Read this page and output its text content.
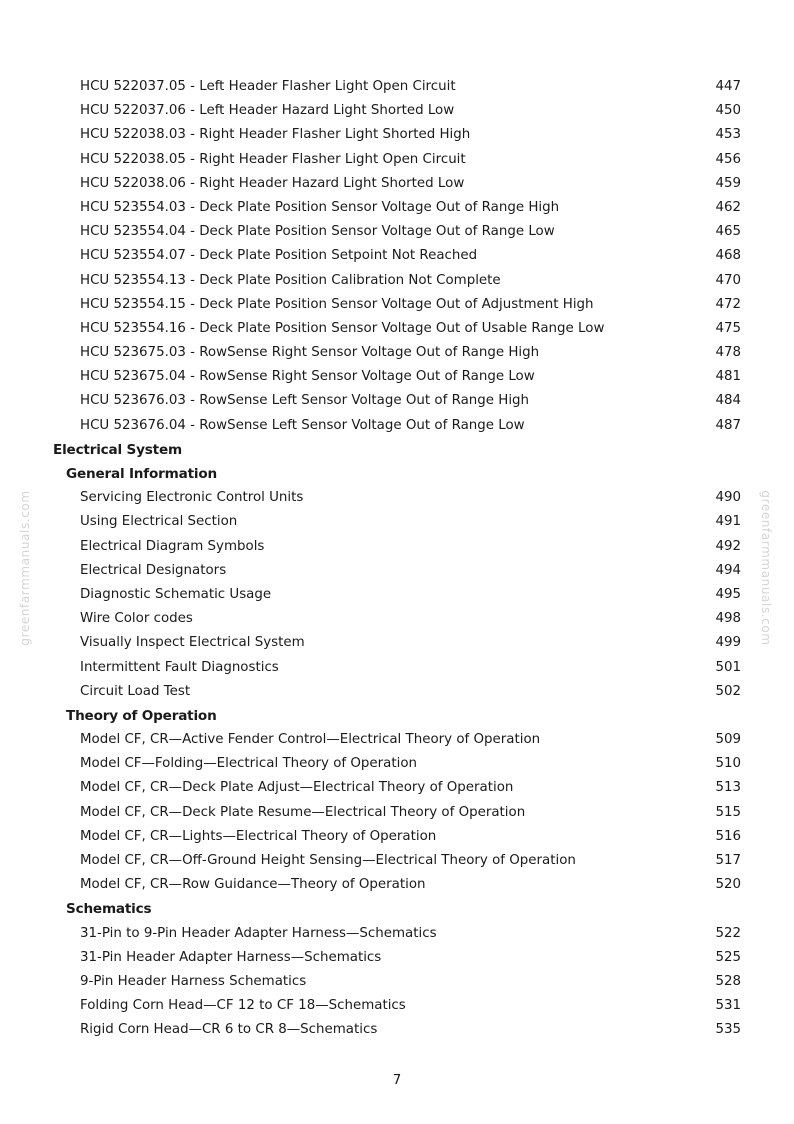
HCU 522037.05 - Left Header Flasher Light Open Circuit	447
HCU 522037.06 - Left Header Hazard Light Shorted Low	450
HCU 522038.03 - Right Header Flasher Light Shorted High	453
HCU 522038.05 - Right Header Flasher Light Open Circuit	456
HCU 522038.06 - Right Header Hazard Light Shorted Low	459
HCU 523554.03 - Deck Plate Position Sensor Voltage Out of Range High	462
HCU 523554.04 - Deck Plate Position Sensor Voltage Out of Range Low	465
HCU 523554.07 - Deck Plate Position Setpoint Not Reached	468
HCU 523554.13 - Deck Plate Position Calibration Not Complete	470
HCU 523554.15 - Deck Plate Position Sensor Voltage Out of Adjustment High	472
HCU 523554.16 - Deck Plate Position Sensor Voltage Out of Usable Range Low	475
HCU 523675.03 - RowSense Right Sensor Voltage Out of Range High	478
HCU 523675.04 - RowSense Right Sensor Voltage Out of Range Low	481
HCU 523676.03 - RowSense Left Sensor Voltage Out of Range High	484
HCU 523676.04 - RowSense Left Sensor Voltage Out of Range Low	487
Electrical System
General Information
Servicing Electronic Control Units	490
Using Electrical Section	491
Electrical Diagram Symbols	492
Electrical Designators	494
Diagnostic Schematic Usage	495
Wire Color codes	498
Visually Inspect Electrical System	499
Intermittent Fault Diagnostics	501
Circuit Load Test	502
Theory of Operation
Model CF, CR—Active Fender Control—Electrical Theory of Operation	509
Model CF—Folding—Electrical Theory of Operation	510
Model CF, CR—Deck Plate Adjust—Electrical Theory of Operation	513
Model CF, CR—Deck Plate Resume—Electrical Theory of Operation	515
Model CF, CR—Lights—Electrical Theory of Operation	516
Model CF, CR—Off-Ground Height Sensing—Electrical Theory of Operation	517
Model CF, CR—Row Guidance—Theory of Operation	520
Schematics
31-Pin to 9-Pin Header Adapter Harness—Schematics	522
31-Pin Header Adapter Harness—Schematics	525
9-Pin Header Harness Schematics	528
Folding Corn Head—CF 12 to CF 18—Schematics	531
Rigid Corn Head—CR 6 to CR 8—Schematics	535
greenfarmmanuals.com	greenfarmmanuals.com
7
